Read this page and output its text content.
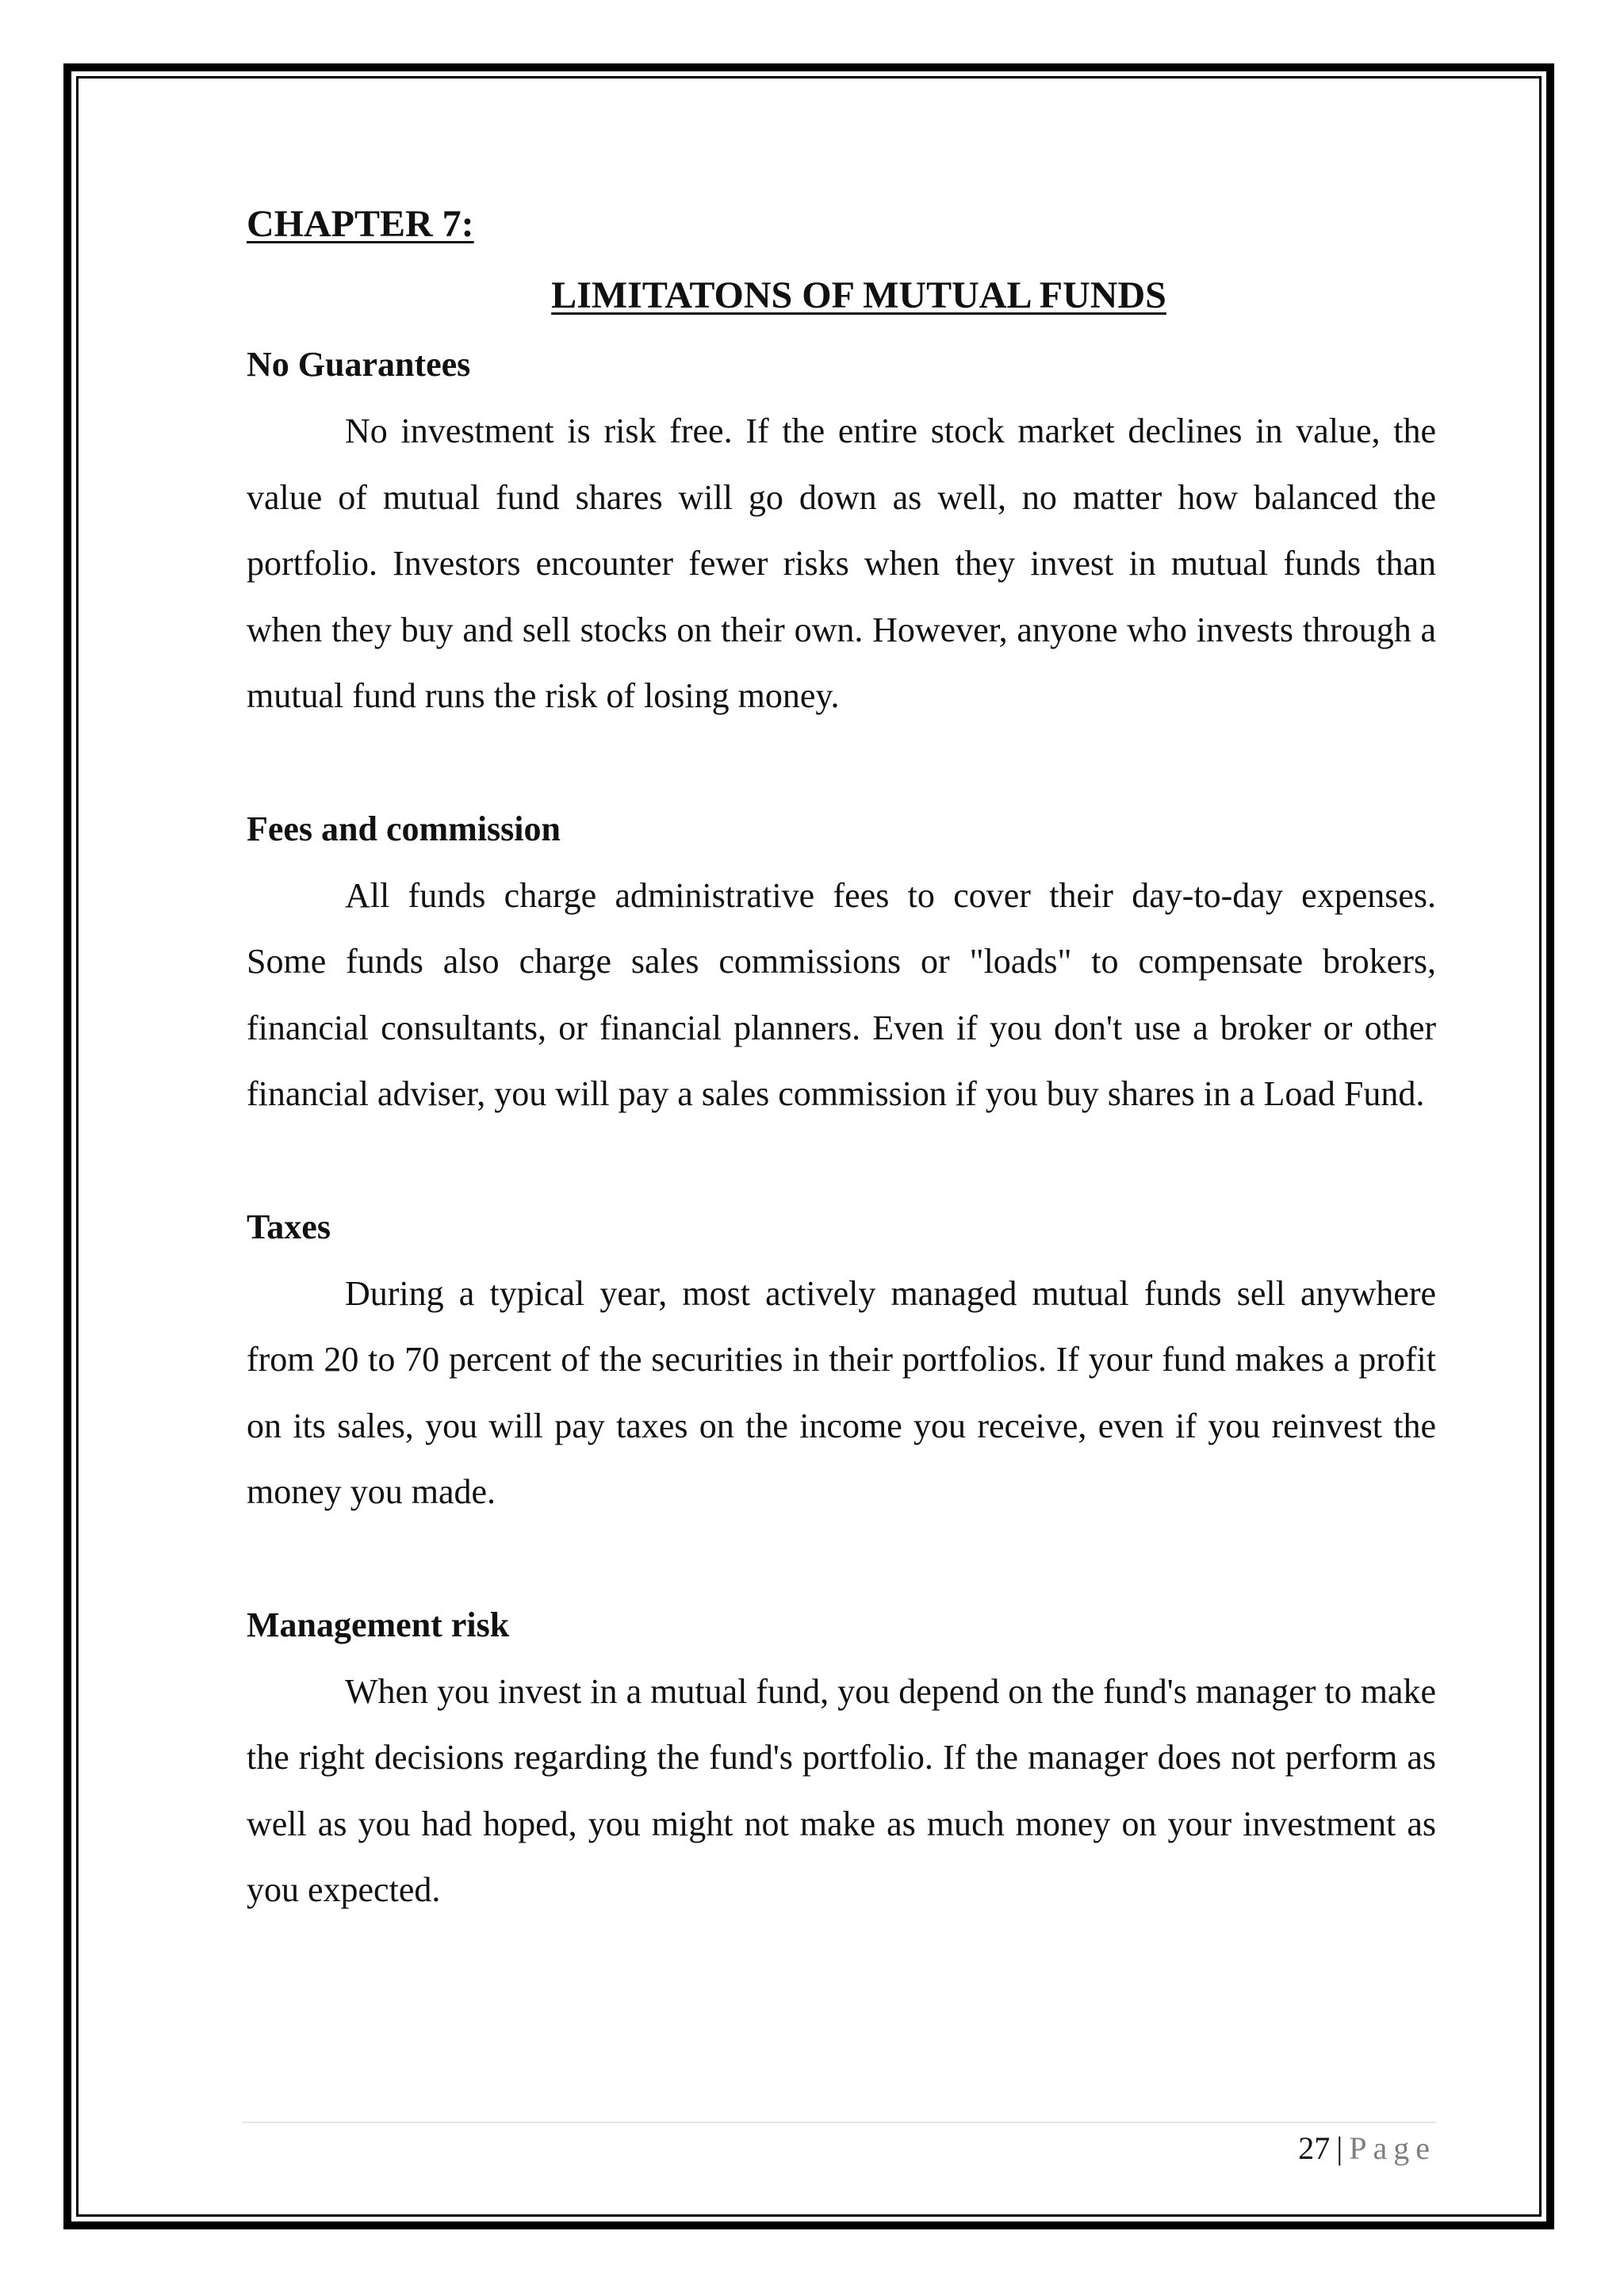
CHAPTER 7:
LIMITATONS OF MUTUAL FUNDS
No Guarantees

No investment is risk free. If the entire stock market declines in value, the value of mutual fund shares will go down as well, no matter how balanced the portfolio. Investors encounter fewer risks when they invest in mutual funds than when they buy and sell stocks on their own. However, anyone who invests through a mutual fund runs the risk of losing money.

Fees and commission

All funds charge administrative fees to cover their day-to-day expenses. Some funds also charge sales commissions or "loads" to compensate brokers, financial consultants, or financial planners. Even if you don't use a broker or other financial adviser, you will pay a sales commission if you buy shares in a Load Fund.

Taxes

During a typical year, most actively managed mutual funds sell anywhere from 20 to 70 percent of the securities in their portfolios. If your fund makes a profit on its sales, you will pay taxes on the income you receive, even if you reinvest the money you made.

Management risk

When you invest in a mutual fund, you depend on the fund's manager to make the right decisions regarding the fund's portfolio. If the manager does not perform as well as you had hoped, you might not make as much money on your investment as you expected.

27 | Page
